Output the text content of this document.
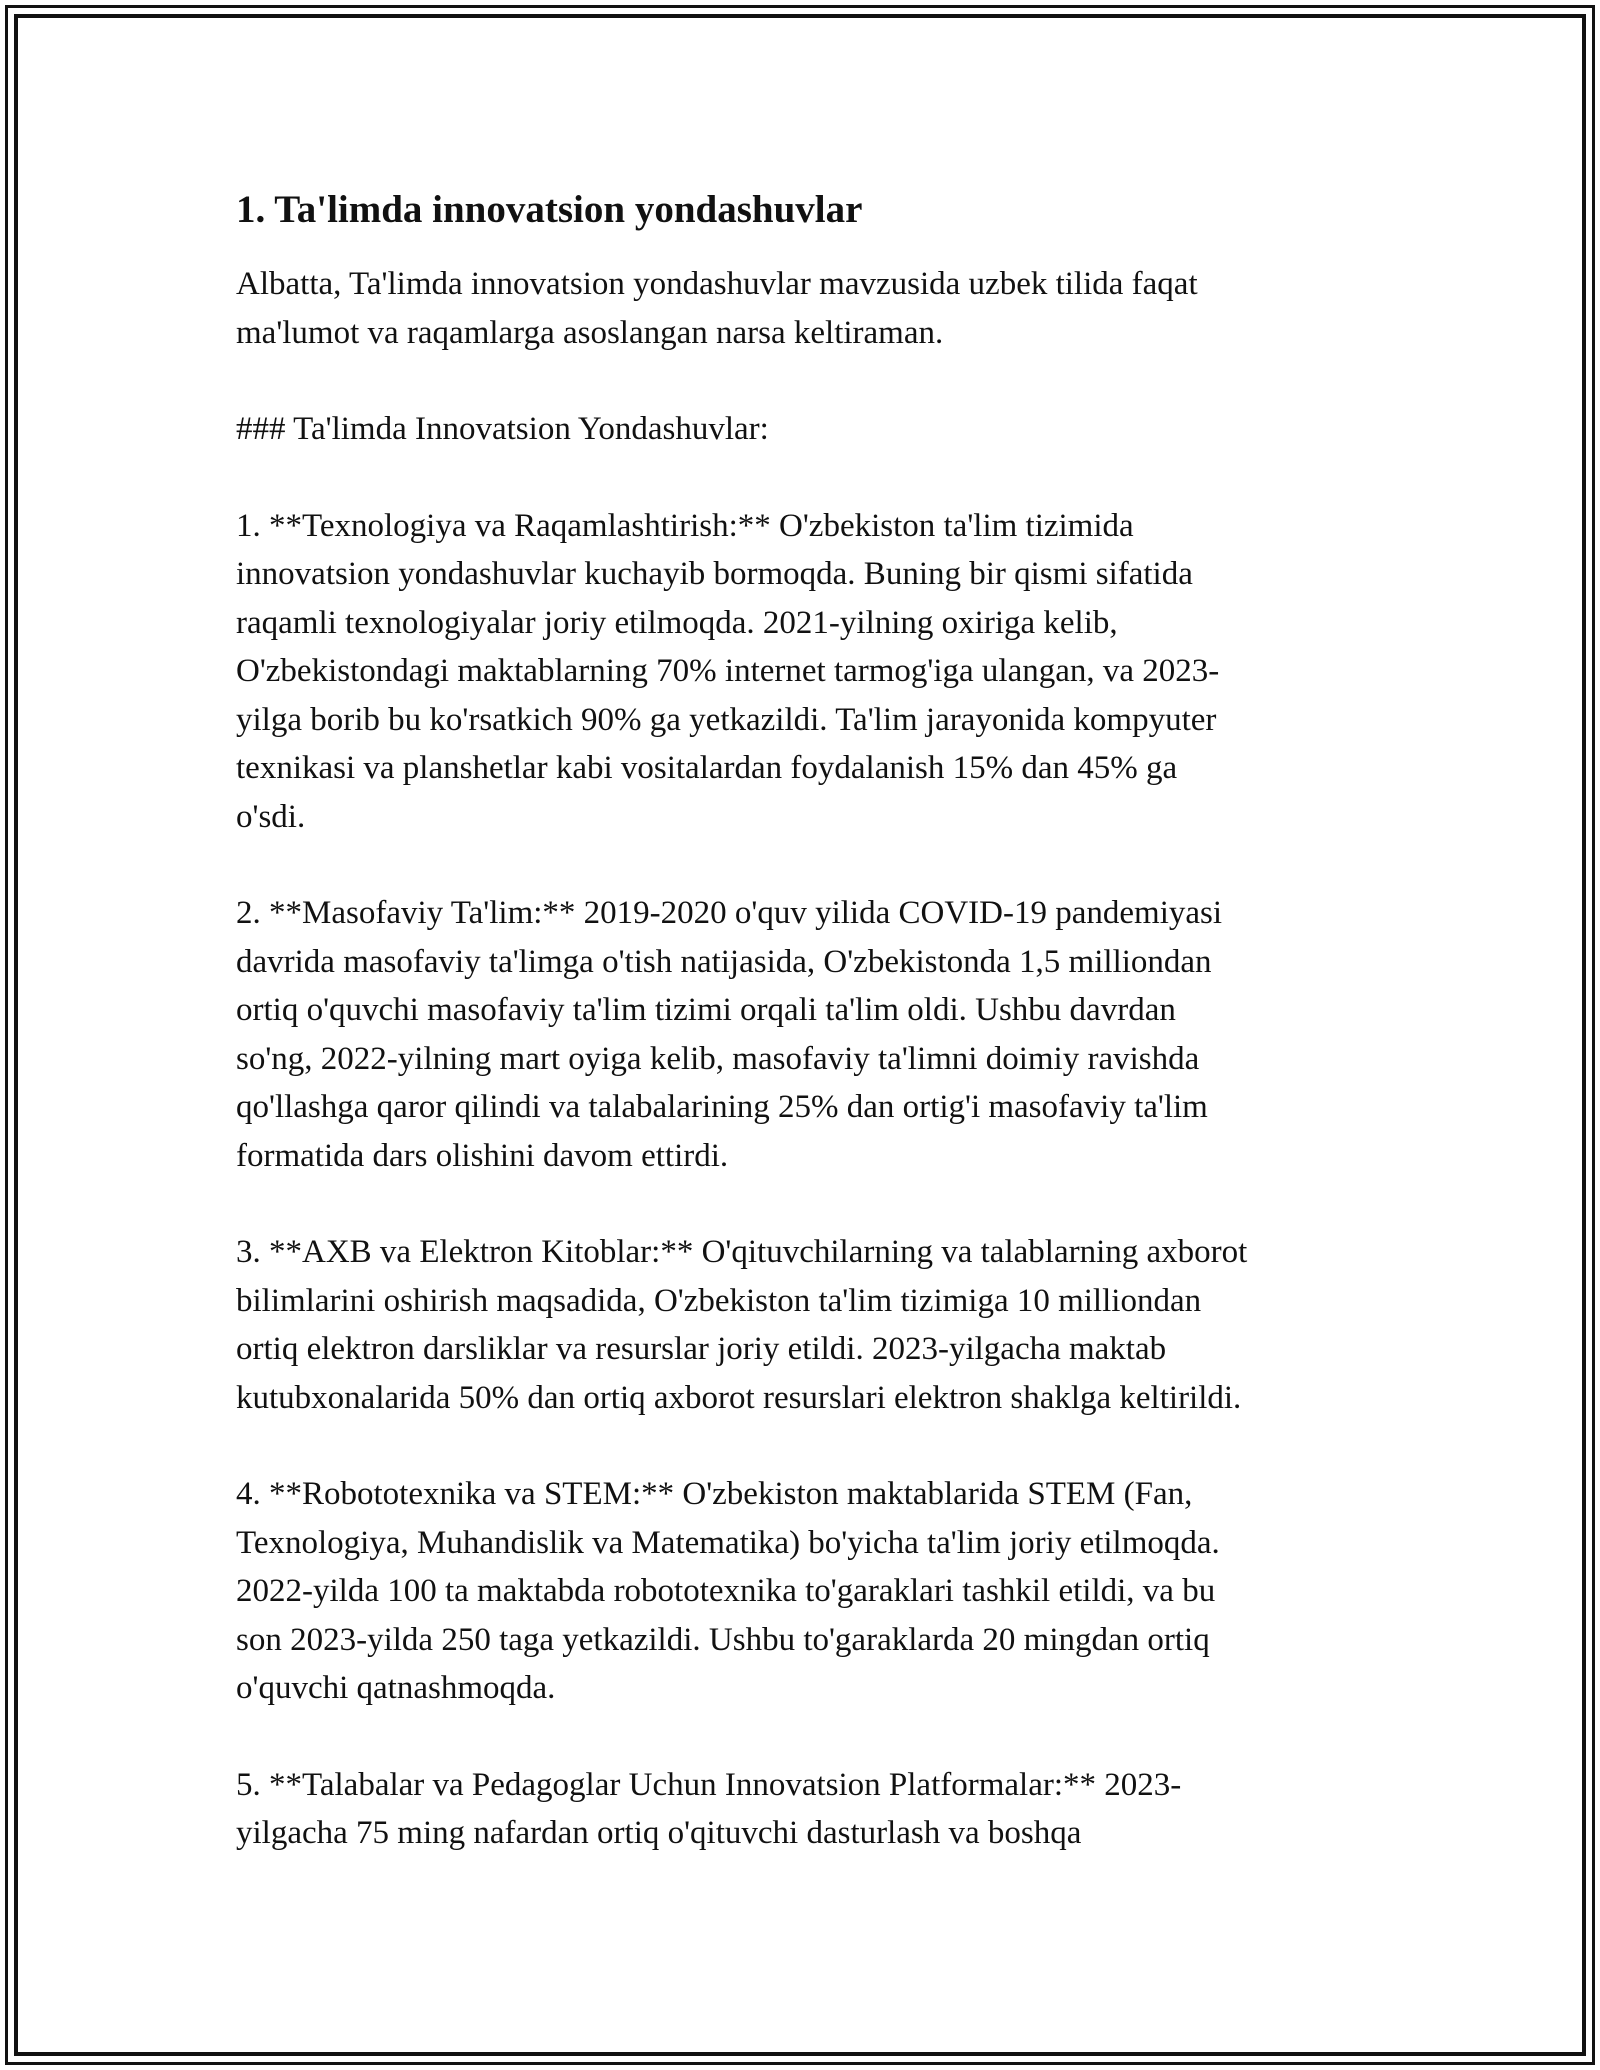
1. Ta'limda innovatsion yondashuvlar

Albatta, Ta'limda innovatsion yondashuvlar mavzusida uzbek tilida faqat
ma'lumot va raqamlarga asoslangan narsa keltiraman.

### Ta'limda Innovatsion Yondashuvlar:

1. **Texnologiya va Raqamlashtirish:** O'zbekiston ta'lim tizimida
innovatsion yondashuvlar kuchayib bormoqda. Buning bir qismi sifatida
raqamli texnologiyalar joriy etilmoqda. 2021-yilning oxiriga kelib,
O'zbekistondagi maktablarning 70% internet tarmog'iga ulangan, va 2023-
yilga borib bu ko'rsatkich 90% ga yetkazildi. Ta'lim jarayonida kompyuter
texnikasi va planshetlar kabi vositalardan foydalanish 15% dan 45% ga
o'sdi.

2. **Masofaviy Ta'lim:** 2019-2020 o'quv yilida COVID-19 pandemiyasi
davrida masofaviy ta'limga o'tish natijasida, O'zbekistonda 1,5 milliondan
ortiq o'quvchi masofaviy ta'lim tizimi orqali ta'lim oldi. Ushbu davrdan
so'ng, 2022-yilning mart oyiga kelib, masofaviy ta'limni doimiy ravishda
qo'llashga qaror qilindi va talabalarining 25% dan ortig'i masofaviy ta'lim
formatida dars olishini davom ettirdi.

3. **AXB va Elektron Kitoblar:** O'qituvchilarning va talablarning axborot
bilimlarini oshirish maqsadida, O'zbekiston ta'lim tizimiga 10 milliondan
ortiq elektron darsliklar va resurslar joriy etildi. 2023-yilgacha maktab
kutubxonalarida 50% dan ortiq axborot resurslari elektron shaklga keltirildi.

4. **Robototexnika va STEM:** O'zbekiston maktablarida STEM (Fan,
Texnologiya, Muhandislik va Matematika) bo'yicha ta'lim joriy etilmoqda.
2022-yilda 100 ta maktabda robototexnika to'garaklari tashkil etildi, va bu
son 2023-yilda 250 taga yetkazildi. Ushbu to'garaklarda 20 mingdan ortiq
o'quvchi qatnashmoqda.

5. **Talabalar va Pedagoglar Uchun Innovatsion Platformalar:** 2023-
yilgacha 75 ming nafardan ortiq o'qituvchi dasturlash va boshqa
